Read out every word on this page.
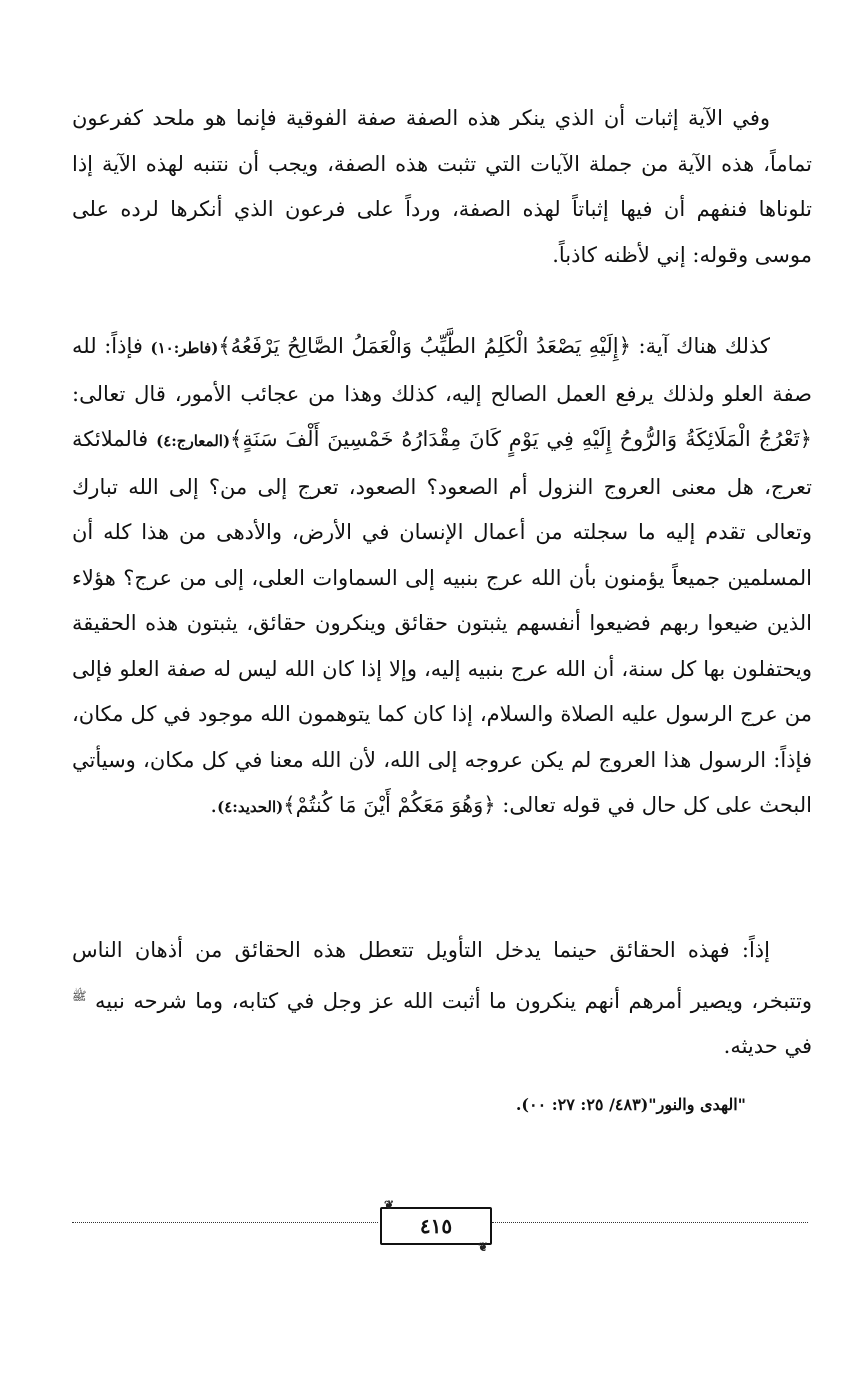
وفي الآية إثبات أن الذي ينكر هذه الصفة صفة الفوقية فإنما هو ملحد كفرعون تماماً، هذه الآية من جملة الآيات التي تثبت هذه الصفة، ويجب أن نتنبه لهذه الآية إذا تلوناها فنفهم أن فيها إثباتاً لهذه الصفة، ورداً على فرعون الذي أنكرها لرده على موسى وقوله: إني لأظنه كاذباً.
كذلك هناك آية: ﴿إِلَيْهِ يَصْعَدُ الْكَلِمُ الطَّيِّبُ وَالْعَمَلُ الصَّالِحُ يَرْفَعُهُ﴾(فاطر:١٠) فإذاً: لله صفة العلو ولذلك يرفع العمل الصالح إليه، كذلك وهذا من عجائب الأمور، قال تعالى: ﴿تَعْرُجُ الْمَلَائِكَةُ وَالرُّوحُ إِلَيْهِ فِي يَوْمٍ كَانَ مِقْدَارُهُ خَمْسِينَ أَلْفَ سَنَةٍ﴾(المعارج:٤) فالملائكة تعرج، هل معنى العروج النزول أم الصعود؟ الصعود، تعرج إلى من؟ إلى الله تبارك وتعالى تقدم إليه ما سجلته من أعمال الإنسان في الأرض، والأدهى من هذا كله أن المسلمين جميعاً يؤمنون بأن الله عرج بنبيه إلى السماوات العلى، إلى من عرج؟ هؤلاء الذين ضيعوا ربهم فضيعوا أنفسهم يثبتون حقائق وينكرون حقائق، يثبتون هذه الحقيقة ويحتفلون بها كل سنة، أن الله عرج بنبيه إليه، وإلا إذا كان الله ليس له صفة العلو فإلى من عرج الرسول عليه الصلاة والسلام، إذا كان كما يتوهمون الله موجود في كل مكان، فإذاً: الرسول هذا العروج لم يكن عروجه إلى الله، لأن الله معنا في كل مكان، وسيأتي البحث على كل حال في قوله تعالى: ﴿وَهُوَ مَعَكُمْ أَيْنَ مَا كُنتُمْ﴾(الحديد:٤).
إذاً: فهذه الحقائق حينما يدخل التأويل تتعطل هذه الحقائق من أذهان الناس وتتبخر، ويصير أمرهم أنهم ينكرون ما أثبت الله عز وجل في كتابه، وما شرحه نبيه $^ﷺ$ في حديثه.
"الهدى والنور"(٤٨٣/ ٢٥: ٢٧: ٠٠).
❦
٤١٥
❦
